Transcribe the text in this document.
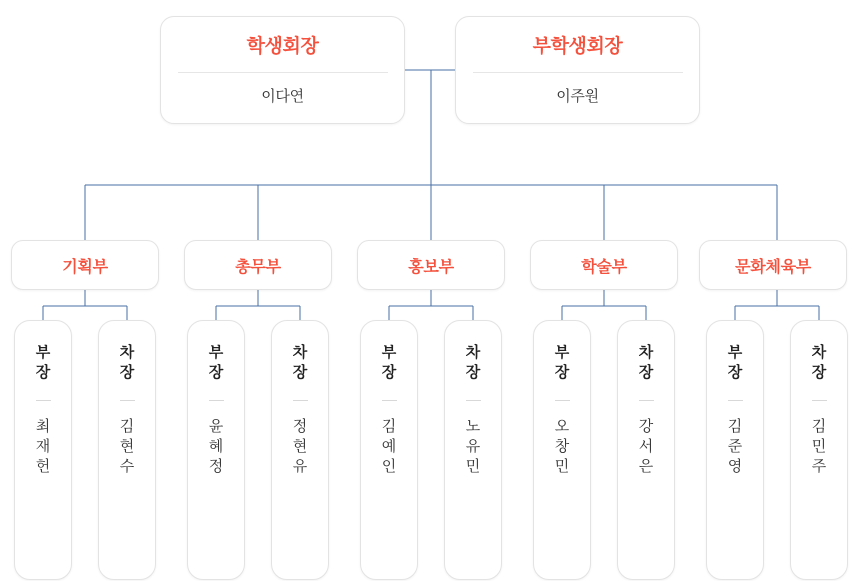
학생회장
이다연
부학생회장
이주원
기획부	총무부	홍보부	학술부	문화체육부
부장
최재헌
차장
김현수
부장
윤혜정
차장
정현유
부장
김예인
차장
노유민
부장
오창민
차장
강서은
부장
김준영
차장
김민주
